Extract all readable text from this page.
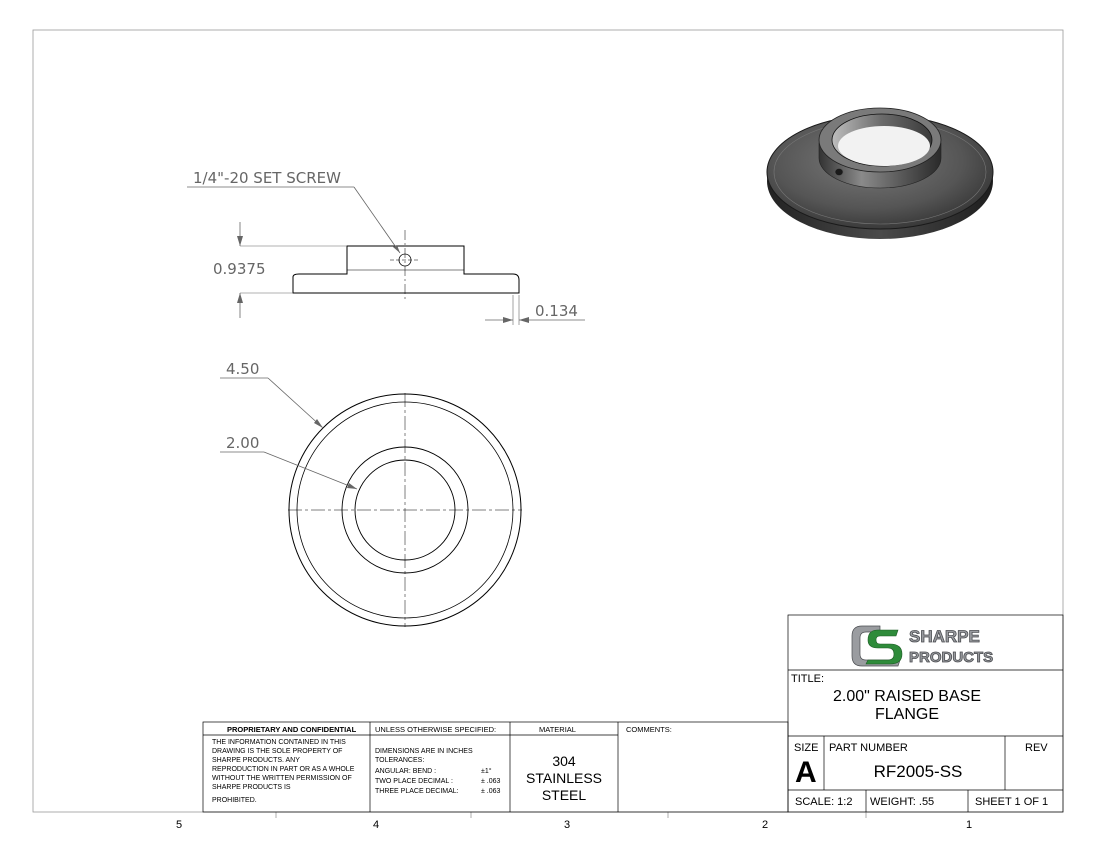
5	4	3	2	1
1/4"-20 SET SCREW
0.9375
0.134
4.50
2.00
PROPRIETARY AND CONFIDENTIAL
THE INFORMATION CONTAINED IN THIS
DRAWING IS THE SOLE PROPERTY OF
SHARPE PRODUCTS. ANY
REPRODUCTION IN PART OR AS A WHOLE
WITHOUT THE WRITTEN PERMISSION OF
SHARPE PRODUCTS IS
PROHIBITED.
UNLESS OTHERWISE SPECIFIED:
DIMENSIONS ARE IN INCHES
TOLERANCES:
ANGULAR: BEND :	±1°
TWO PLACE DECIMAL :	± .063
THREE PLACE DECIMAL:	± .063
MATERIAL
304
STAINLESS
STEEL
COMMENTS:
SHARPE
PRODUCTS
TITLE:
2.00" RAISED BASE
FLANGE
SIZE
A
PART NUMBER
RF2005-SS
REV
SCALE: 1:2 WEIGHT: .55	SHEET 1 OF 1
